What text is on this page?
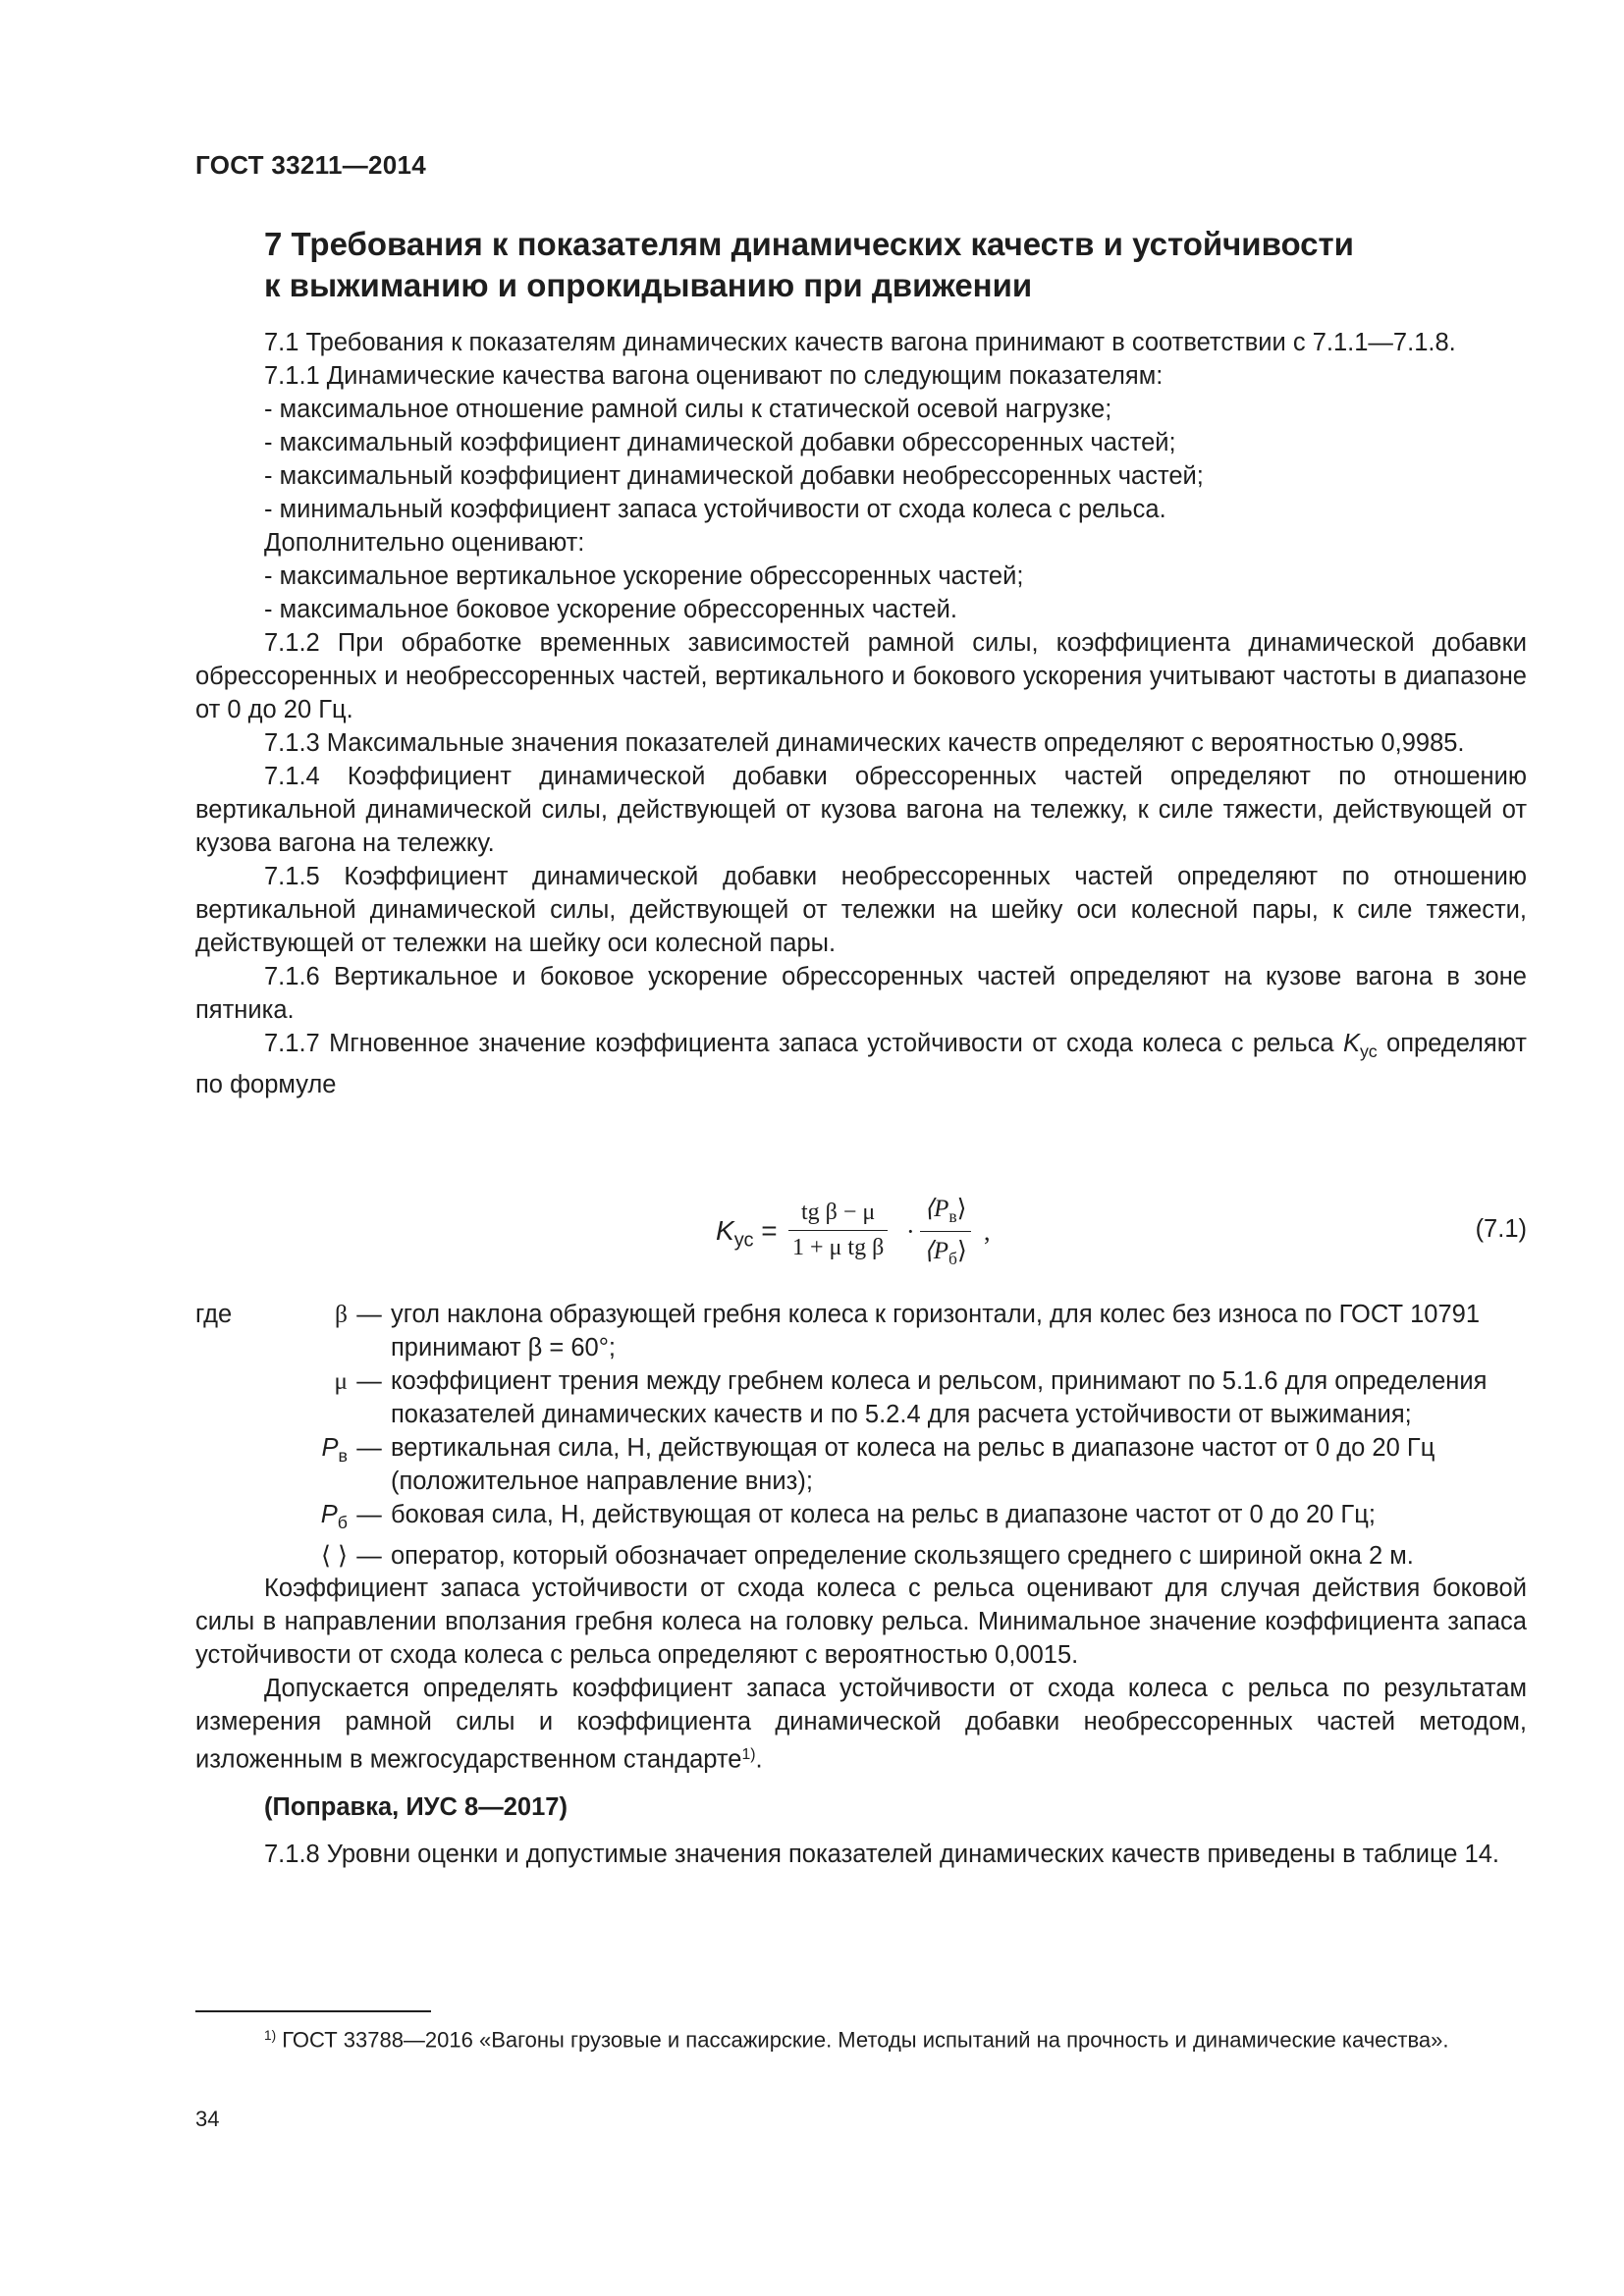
ГОСТ 33211—2014
7 Требования к показателям динамических качеств и устойчивости
к выжиманию и опрокидыванию при движении

7.1 Требования к показателям динамических качеств вагона принимают в соответствии с 7.1.1—7.1.8.

7.1.1 Динамические качества вагона оценивают по следующим показателям:

- максимальное отношение рамной силы к статической осевой нагрузке;

- максимальный коэффициент динамической добавки обрессоренных частей;

- максимальный коэффициент динамической добавки необрессоренных частей;

- минимальный коэффициент запаса устойчивости от схода колеса с рельса.

Дополнительно оценивают:

- максимальное вертикальное ускорение обрессоренных частей;

- максимальное боковое ускорение обрессоренных частей.

7.1.2 При обработке временных зависимостей рамной силы, коэффициента динамической добавки обрессоренных и необрессоренных частей, вертикального и бокового ускорения учитывают частоты в диапазоне от 0 до 20 Гц.

7.1.3 Максимальные значения показателей динамических качеств определяют с вероятностью 0,9985.

7.1.4 Коэффициент динамической добавки обрессоренных частей определяют по отношению вертикальной динамической силы, действующей от кузова вагона на тележку, к силе тяжести, действующей от кузова вагона на тележку.

7.1.5 Коэффициент динамической добавки необрессоренных частей определяют по отношению вертикальной динамической силы, действующей от тележки на шейку оси колесной пары, к силе тяжести, действующей от тележки на шейку оси колесной пары.

7.1.6 Вертикальное и боковое ускорение обрессоренных частей определяют на кузове вагона в зоне пятника.

7.1.7 Мгновенное значение коэффициента запаса устойчивости от схода колеса с рельса $K_{ус}$ определяют по формуле

$K_{ус} = \frac{\text{tg β − μ}}{\text{1 + μ tg β}}$ ·
$⟨P_в⟩$
$⟨P_б⟩$
,	(7.1)
где	β — угол наклона образующей гребня колеса к горизонтали, для колес без износа по ГОСТ 10791
принимают β = 60°;
μ — коэффициент трения между гребнем колеса и рельсом, принимают по 5.1.6 для определения
показателей динамических качеств и по 5.2.4 для расчета устойчивости от выжимания;
$P_в$ — вертикальная сила, Н, действующая от колеса на рельс в диапазоне частот от 0 до 20 Гц
(положительное направление вниз);
$P_б$ — боковая сила, Н, действующая от колеса на рельс в диапазоне частот от 0 до 20 Гц;
⟨ ⟩ — оператор, который обозначает определение скользящего среднего с шириной окна 2 м.

Коэффициент запаса устойчивости от схода колеса с рельса оценивают для случая действия боковой силы в направлении вползания гребня колеса на головку рельса. Минимальное значение коэффициента запаса устойчивости от схода колеса с рельса определяют с вероятностью 0,0015.

Допускается определять коэффициент запаса устойчивости от схода колеса с рельса по результатам измерения рамной силы и коэффициента динамической добавки необрессоренных частей методом, изложенным в межгосударственном стандарте$^{1)}$.

(Поправка, ИУС 8—2017)

7.1.8 Уровни оценки и допустимые значения показателей динамических качеств приведены в таблице 14.

$^{1)}$ ГОСТ 33788—2016 «Вагоны грузовые и пассажирские. Методы испытаний на прочность и динамические качества».
34
